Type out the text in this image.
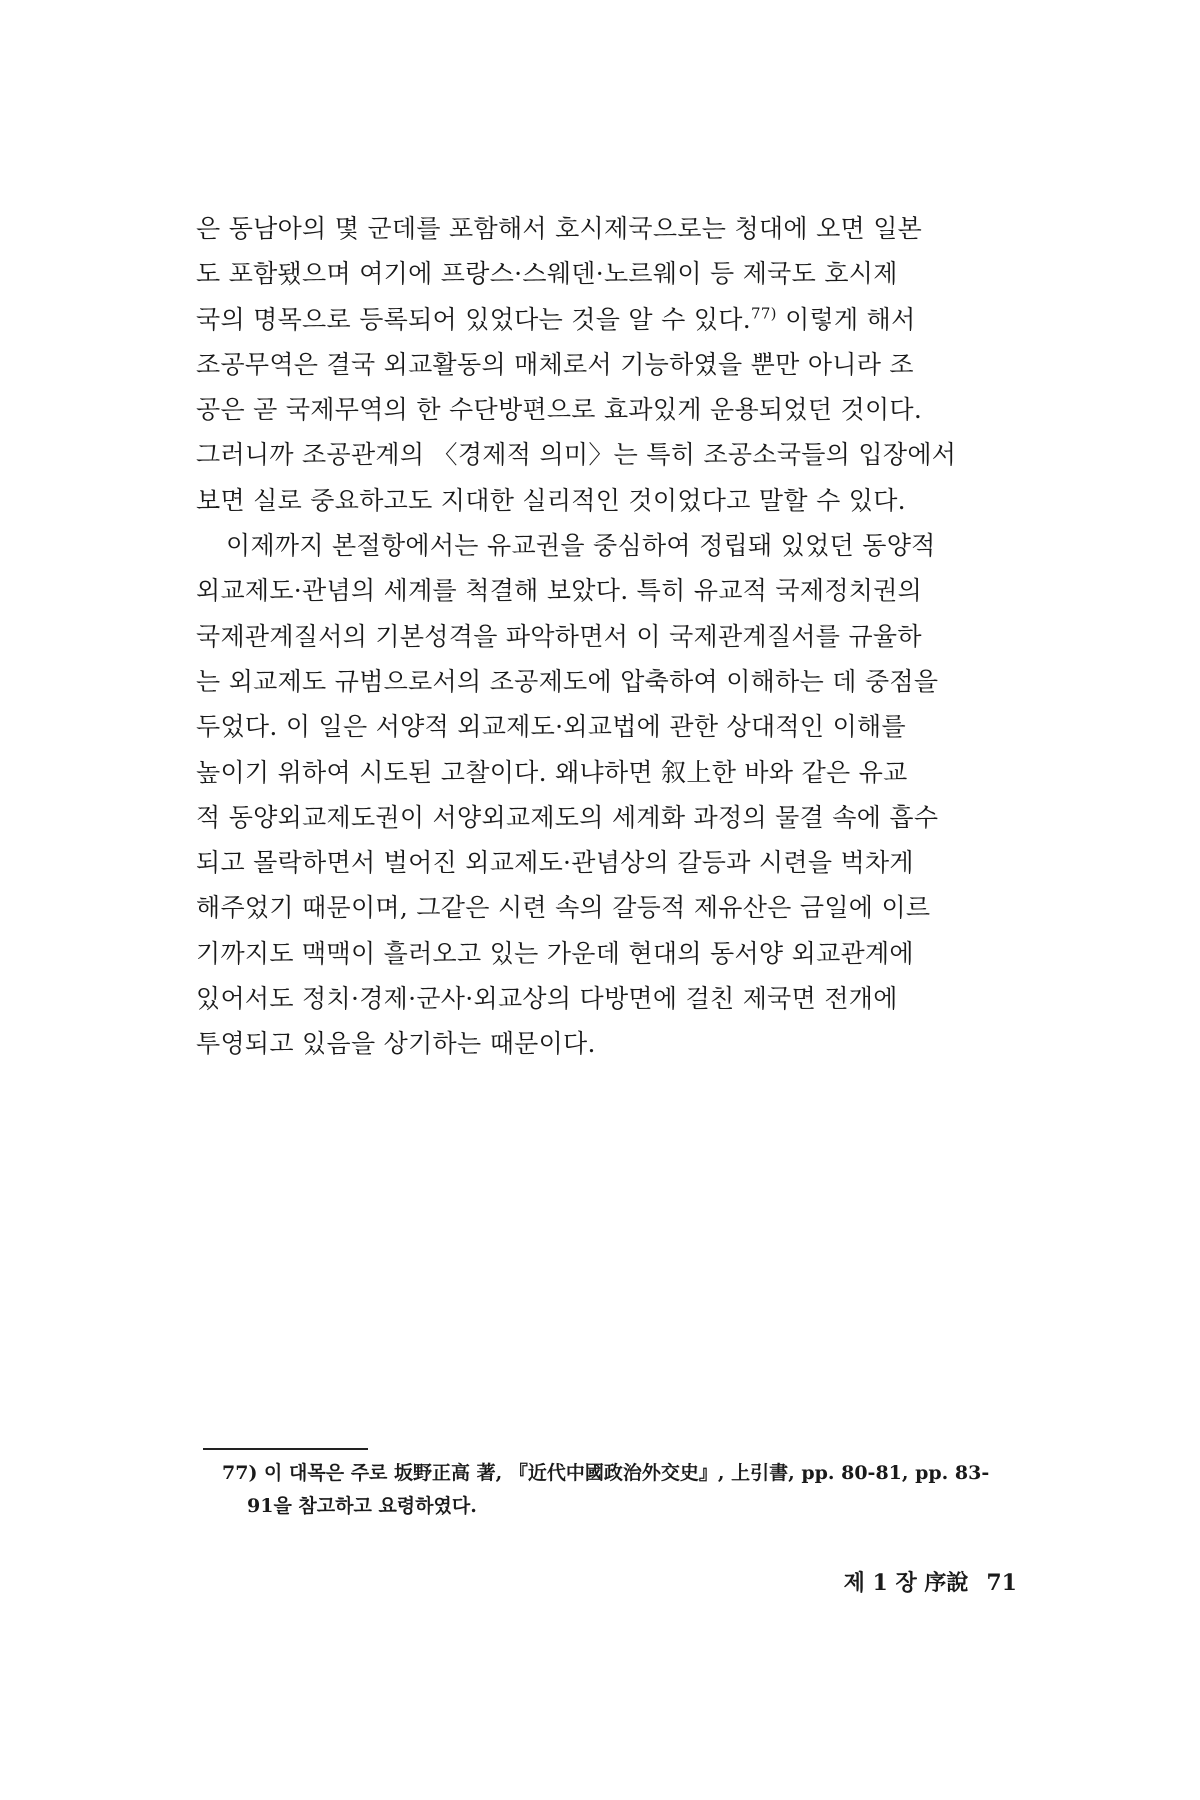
은 동남아의 몇 군데를 포함해서 호시제국으로는 청대에 오면 일본
도 포함됐으며 여기에 프랑스·스웨덴·노르웨이 등 제국도 호시제
국의 명목으로 등록되어 있었다는 것을 알 수 있다.$^{77)}$ 이렇게 해서
조공무역은 결국 외교활동의 매체로서 기능하였을 뿐만 아니라 조
공은 곧 국제무역의 한 수단방편으로 효과있게 운용되었던 것이다.
그러니까 조공관계의 〈경제적 의미〉는 특히 조공소국들의 입장에서
보면 실로 중요하고도 지대한 실리적인 것이었다고 말할 수 있다.
이제까지 본절항에서는 유교권을 중심하여 정립돼 있었던 동양적
외교제도·관념의 세계를 척결해 보았다. 특히 유교적 국제정치권의
국제관계질서의 기본성격을 파악하면서 이 국제관계질서를 규율하
는 외교제도 규범으로서의 조공제도에 압축하여 이해하는 데 중점을
두었다. 이 일은 서양적 외교제도·외교법에 관한 상대적인 이해를
높이기 위하여 시도된 고찰이다. 왜냐하면 叙上한 바와 같은 유교
적 동양외교제도권이 서양외교제도의 세계화 과정의 물결 속에 흡수
되고 몰락하면서 벌어진 외교제도·관념상의 갈등과 시련을 벅차게
해주었기 때문이며, 그같은 시련 속의 갈등적 제유산은 금일에 이르
기까지도 맥맥이 흘러오고 있는 가운데 현대의 동서양 외교관계에
있어서도 정치·경제·군사·외교상의 다방면에 걸친 제국면 전개에
투영되고 있음을 상기하는 때문이다.
77) 이 대목은 주로 坂野正高 著, 『近代中國政治外交史』, 上引書, pp. 80-81, pp. 83-
91을 참고하고 요령하였다.
제 1 장 序說 71
